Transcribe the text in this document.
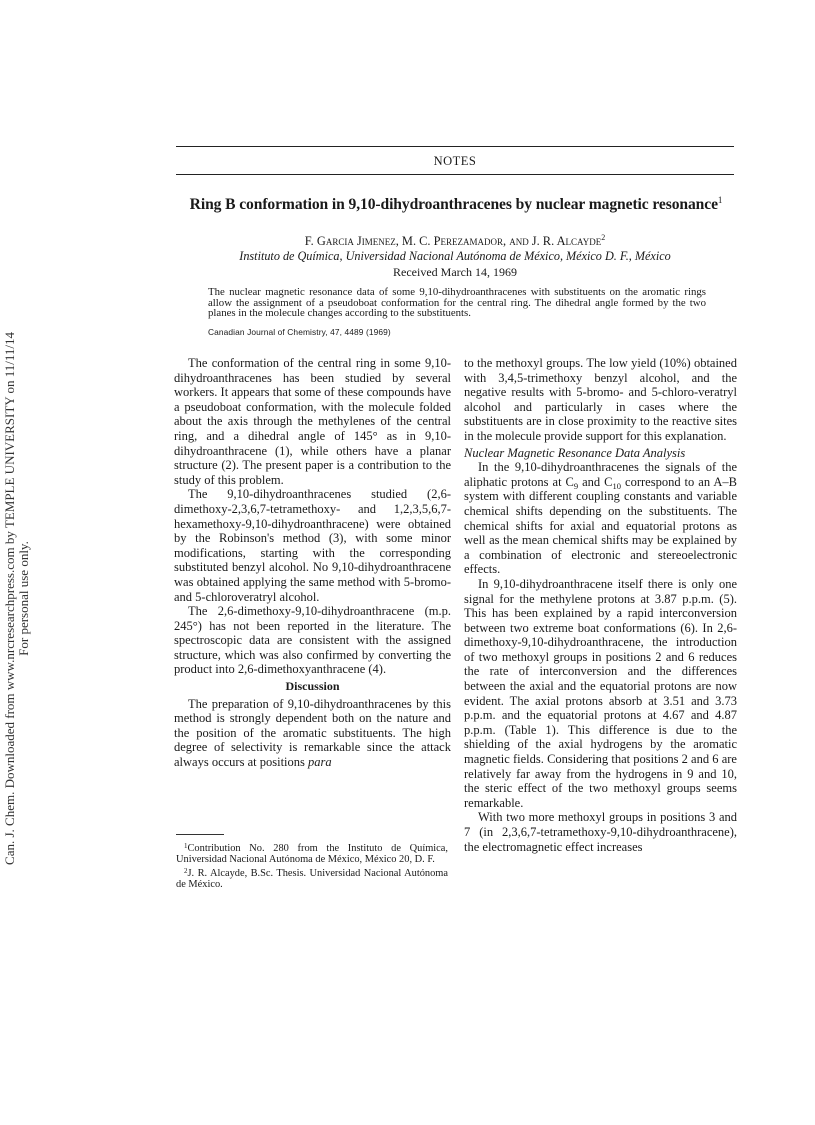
Can. J. Chem. Downloaded from www.nrcresearchpress.com by TEMPLE UNIVERSITY on 11/11/14 For personal use only.
NOTES
Ring B conformation in 9,10-dihydroanthracenes by nuclear magnetic resonance$^1$
F. Garcia Jimenez, M. C. Perezamador, and J. R. Alcayde$^2$
Instituto de Química, Universidad Nacional Autónoma de México, México D. F., México
Received March 14, 1969
The nuclear magnetic resonance data of some 9,10-dihydroanthracenes with substituents on the aromatic rings allow the assignment of a pseudoboat conformation for the central ring. The dihedral angle formed by the two planes in the molecule changes according to the substituents.
Canadian Journal of Chemistry, 47, 4489 (1969)

The conformation of the central ring in some 9,10-dihydroanthracenes has been studied by several workers. It appears that some of these compounds have a pseudoboat conformation, with the molecule folded about the axis through the methylenes of the central ring, and a dihedral angle of 145° as in 9,10-dihydroanthracene (1), while others have a planar structure (2). The present paper is a contribution to the study of this problem.

The 9,10-dihydroanthracenes studied (2,6-dimethoxy-2,3,6,7-tetramethoxy- and 1,2,3,5,6,7-hexamethoxy-9,10-dihydroanthracene) were obtained by the Robinson's method (3), with some minor modifications, starting with the corresponding substituted benzyl alcohol. No 9,10-dihydroanthracene was obtained applying the same method with 5-bromo- and 5-chloroveratryl alcohol.

The 2,6-dimethoxy-9,10-dihydroanthracene (m.p. 245°) has not been reported in the literature. The spectroscopic data are consistent with the assigned structure, which was also confirmed by converting the product into 2,6-dimethoxyanthracene (4).

Discussion

The preparation of 9,10-dihydroanthracenes by this method is strongly dependent both on the nature and the position of the aromatic substituents. The high degree of selectivity is remarkable since the attack always occurs at positions para

to the methoxyl groups. The low yield (10%) obtained with 3,4,5-trimethoxy benzyl alcohol, and the negative results with 5-bromo- and 5-chloro-veratryl alcohol and particularly in cases where the substituents are in close proximity to the reactive sites in the molecule provide support for this explanation.

Nuclear Magnetic Resonance Data Analysis

In the 9,10-dihydroanthracenes the signals of the aliphatic protons at $C_9$ and $C_{10}$ correspond to an A–B system with different coupling constants and variable chemical shifts depending on the substituents. The chemical shifts for axial and equatorial protons as well as the mean chemical shifts may be explained by a combination of electronic and stereoelectronic effects.

In 9,10-dihydroanthracene itself there is only one signal for the methylene protons at 3.87 p.p.m. (5). This has been explained by a rapid interconversion between two extreme boat conformations (6). In 2,6-dimethoxy-9,10-dihydroanthracene, the introduction of two methoxyl groups in positions 2 and 6 reduces the rate of interconversion and the differences between the axial and the equatorial protons are now evident. The axial protons absorb at 3.51 and 3.73 p.p.m. and the equatorial protons at 4.67 and 4.87 p.p.m. (Table 1). This difference is due to the shielding of the axial hydrogens by the aromatic magnetic fields. Considering that positions 2 and 6 are relatively far away from the hydrogens in 9 and 10, the steric effect of the two methoxyl groups seems remarkable.

With two more methoxyl groups in positions 3 and 7 (in 2,3,6,7-tetramethoxy-9,10-dihydroanthracene), the electromagnetic effect increases

$^1$Contribution No. 280 from the Instituto de Química, Universidad Nacional Autónoma de México, México 20, D. F.

$^2$J. R. Alcayde, B.Sc. Thesis. Universidad Nacional Autónoma de México.
